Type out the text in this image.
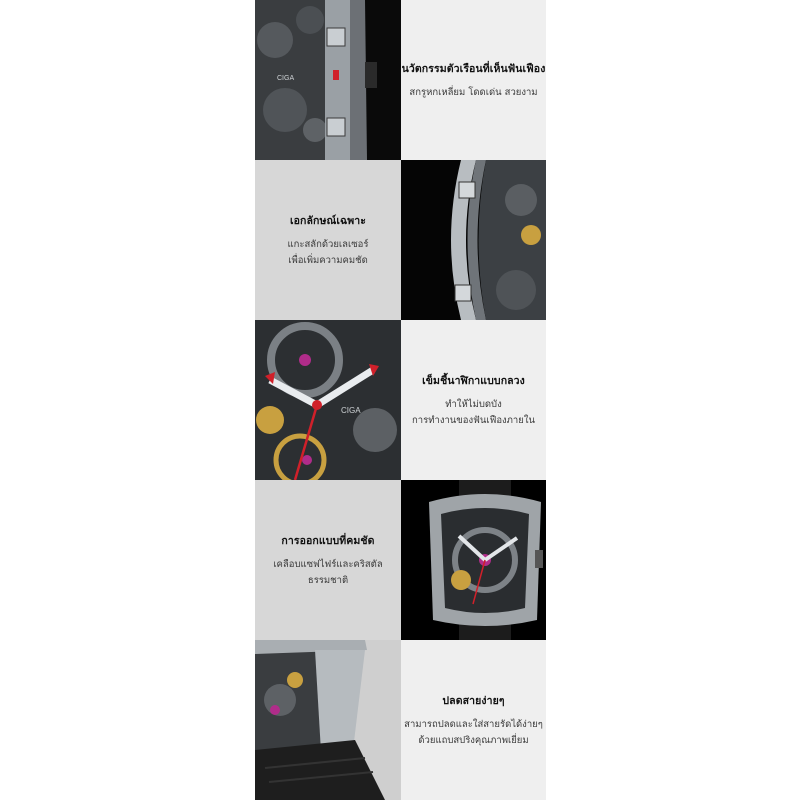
CIGA
นวัตกรรมตัวเรือนที่เห็นฟันเฟือง
สกรูหกเหลี่ยม โดดเด่น สวยงาม
เอกลักษณ์เฉพาะ
แกะสลักด้วยเลเซอร์
เพื่อเพิ่มความคมชัด
CIGA
เข็มชี้นาฬิกาแบบกลวง
ทำให้ไม่บดบัง
การทำงานของฟันเฟืองภายใน
การออกแบบที่คมชัด
เคลือบแซฟไฟร์และคริสตัลธรรมชาติ
ปลดสายง่ายๆ
สามารถปลดและใส่สายรัดได้ง่ายๆ
ด้วยแถบสปริงคุณภาพเยี่ยม
